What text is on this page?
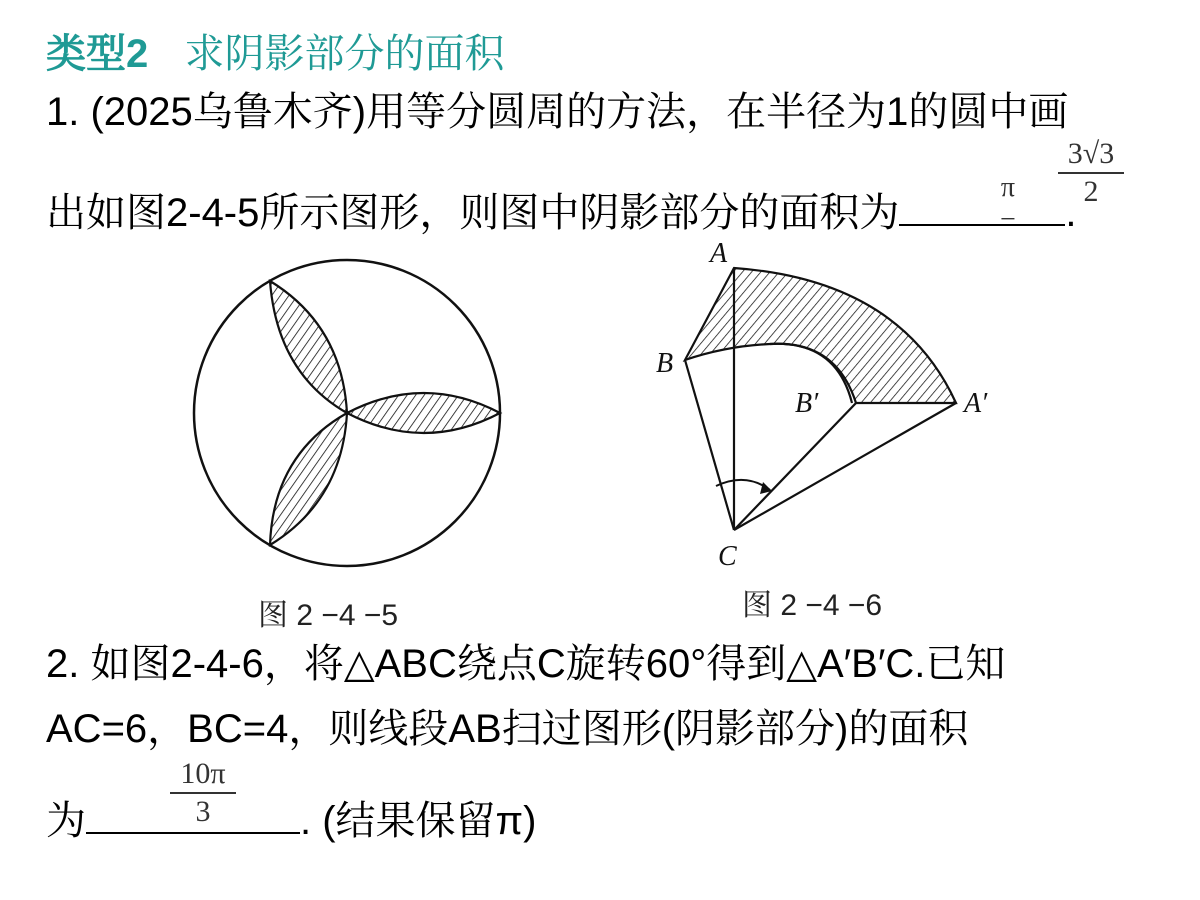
类型2 求阴影部分的面积
1. (2025乌鲁木齐)用等分圆周的方法，在半径为1的圆中画
出如图2-4-5所示图形，则图中阴影部分的面积为	.
π −
3√3
2
图 2 −4 −5
A
B
B′	A′
C
图 2 −4 −6
2. 如图2-4-6，将△ABC绕点C旋转60°得到△A′B′C.已知
AC=6，BC=4，则线段AB扫过图形(阴影部分)的面积
为	. (结果保留π)
10π
3
